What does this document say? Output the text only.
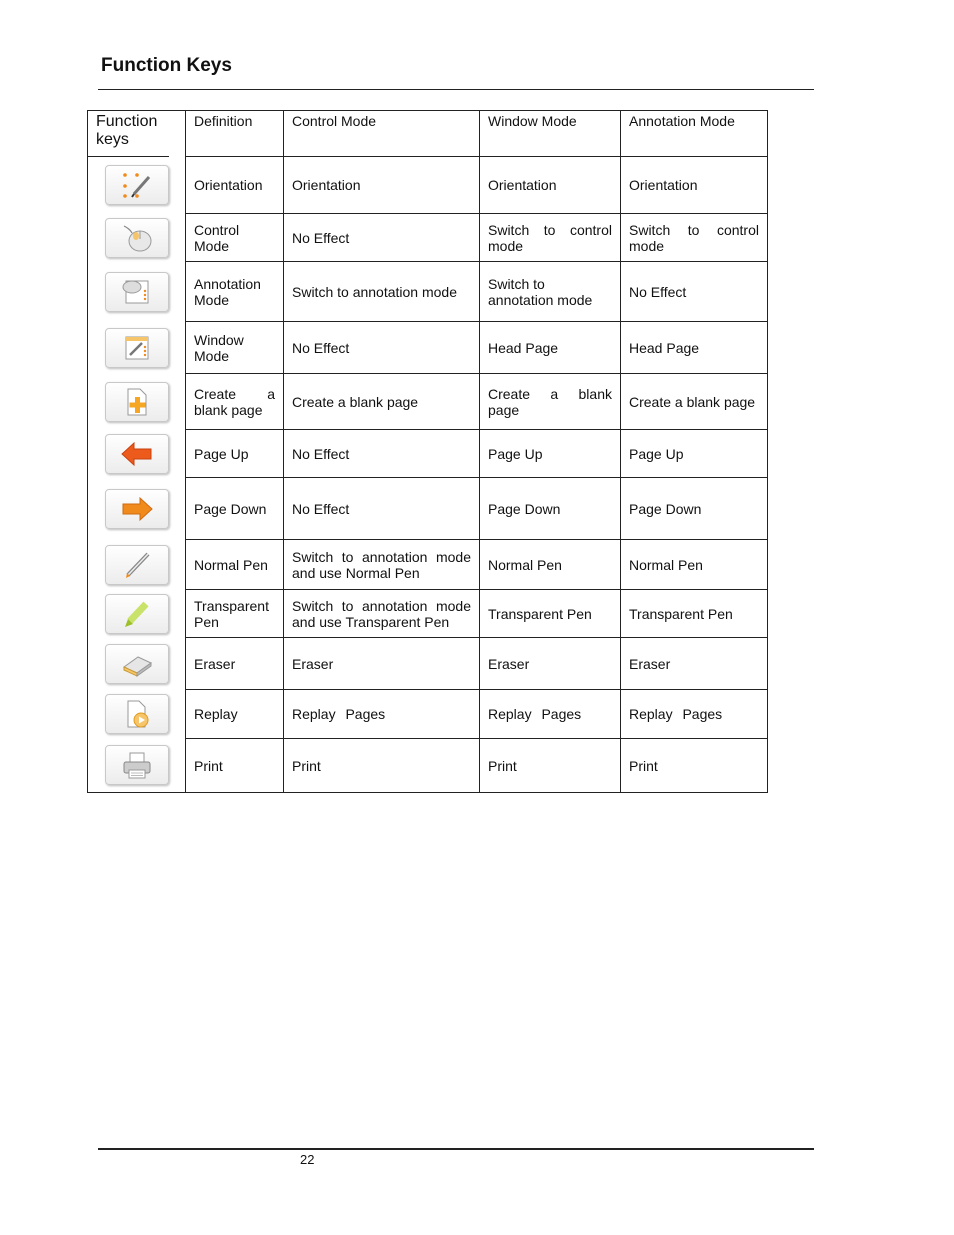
Function Keys
Function keys	Definition	Control Mode	Window Mode	Annotation Mode

	Orientation	Orientation	Orientation	Orientation

	Control Mode	No Effect	Switch to control mode	Switch to control mode

	Annotation Mode	Switch to annotation mode	Switch to annotation mode	No Effect

	Window Mode	No Effect	Head Page	Head Page

	Create a blank page	Create a blank page	Create a blank page	Create a blank page

	Page Up	No Effect	Page Up	Page Up

	Page Down	No Effect	Page Down	Page Down

	Normal Pen	Switch to annotation mode and use Normal Pen	Normal Pen	Normal Pen

	Transparent Pen	Switch to annotation mode and use Transparent Pen	Transparent Pen	Transparent Pen

	Eraser	Eraser	Eraser	Eraser

	Replay	Replay Pages	Replay Pages	Replay Pages

	Print	Print	Print	Print
22
